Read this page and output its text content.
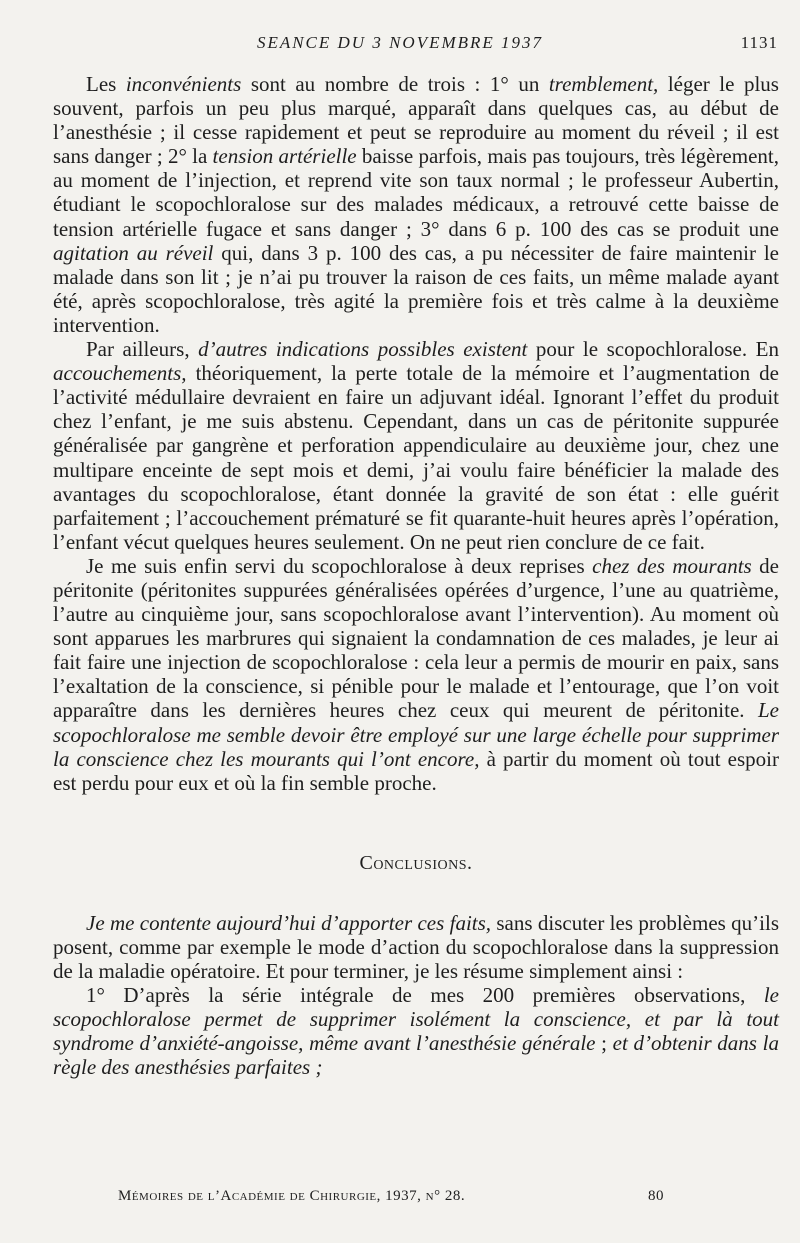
SEANCE DU 3 NOVEMBRE 1937	1131

Les inconvénients sont au nombre de trois : 1° un tremblement, léger le plus souvent, parfois un peu plus marqué, apparaît dans quelques cas, au début de l’anesthésie ; il cesse rapidement et peut se reproduire au moment du réveil ; il est sans danger ; 2° la tension artérielle baisse parfois, mais pas toujours, très légèrement, au moment de l’injection, et reprend vite son taux normal ; le professeur Aubertin, étudiant le scopochloralose sur des malades médicaux, a retrouvé cette baisse de tension artérielle fugace et sans danger ; 3° dans 6 p. 100 des cas se produit une agitation au réveil qui, dans 3 p. 100 des cas, a pu nécessiter de faire maintenir le malade dans son lit ; je n’ai pu trouver la raison de ces faits, un même malade ayant été, après scopochloralose, très agité la première fois et très calme à la deuxième intervention.

Par ailleurs, d’autres indications possibles existent pour le scopochloralose. En accouchements, théoriquement, la perte totale de la mémoire et l’augmentation de l’activité médullaire devraient en faire un adjuvant idéal. Ignorant l’effet du produit chez l’enfant, je me suis abstenu. Cependant, dans un cas de péritonite suppurée généralisée par gangrène et perforation appendiculaire au deuxième jour, chez une multipare enceinte de sept mois et demi, j’ai voulu faire bénéficier la malade des avantages du scopochloralose, étant donnée la gravité de son état : elle guérit parfaitement ; l’accouchement prématuré se fit quarante-huit heures après l’opération, l’enfant vécut quelques heures seulement. On ne peut rien conclure de ce fait.

Je me suis enfin servi du scopochloralose à deux reprises chez des mourants de péritonite (péritonites suppurées généralisées opérées d’urgence, l’une au quatrième, l’autre au cinquième jour, sans scopochloralose avant l’intervention). Au moment où sont apparues les marbrures qui signaient la condamnation de ces malades, je leur ai fait faire une injection de scopochloralose : cela leur a permis de mourir en paix, sans l’exaltation de la conscience, si pénible pour le malade et l’entourage, que l’on voit apparaître dans les dernières heures chez ceux qui meurent de péritonite. Le scopochloralose me semble devoir être employé sur une large échelle pour supprimer la conscience chez les mourants qui l’ont encore, à partir du moment où tout espoir est perdu pour eux et où la fin semble proche.

Conclusions.

Je me contente aujourd’hui d’apporter ces faits, sans discuter les problèmes qu’ils posent, comme par exemple le mode d’action du scopochloralose dans la suppression de la maladie opératoire. Et pour terminer, je les résume simplement ainsi :

1° D’après la série intégrale de mes 200 premières observations, le scopochloralose permet de supprimer isolément la conscience, et par là tout syndrome d’anxiété-angoisse, même avant l’anesthésie générale ; et d’obtenir dans la règle des anesthésies parfaites ;

Mémoires de l’Académie de Chirurgie, 1937, n° 28.	80
